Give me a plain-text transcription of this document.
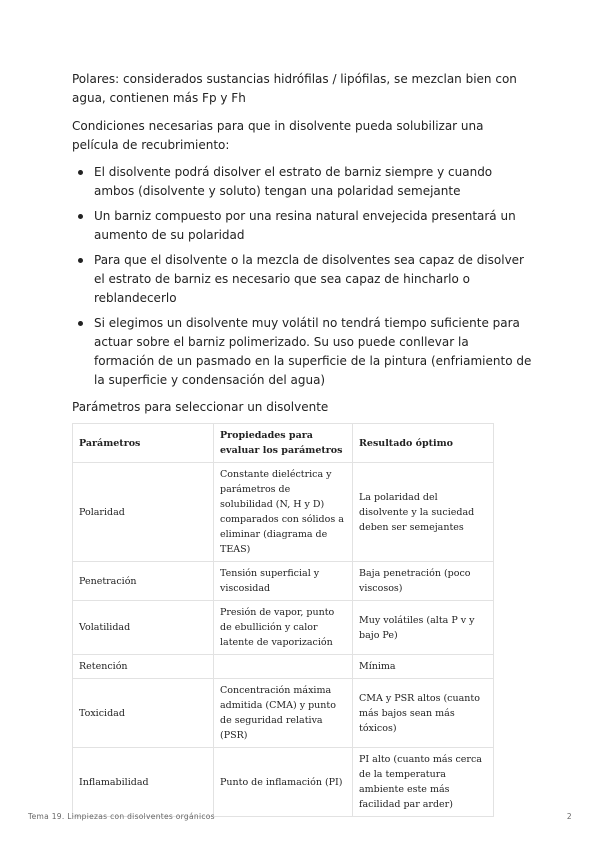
Polares: considerados sustancias hidrófilas / lipófilas, se mezclan bien con agua, contienen más Fp y Fh

Condiciones necesarias para que in disolvente pueda solubilizar una película de recubrimiento:

El disolvente podrá disolver el estrato de barniz siempre y cuando ambos (disolvente y soluto) tengan una polaridad semejante
Un barniz compuesto por una resina natural envejecida presentará un aumento de su polaridad
Para que el disolvente o la mezcla de disolventes sea capaz de disolver el estrato de barniz es necesario que sea capaz de hincharlo o reblandecerlo
Si elegimos un disolvente muy volátil no tendrá tiempo suficiente para actuar sobre el barniz polimerizado. Su uso puede conllevar la formación de un pasmado en la superficie de la pintura (enfriamiento de la superficie y condensación del agua)

Parámetros para seleccionar un disolvente

Parámetros	Propiedades para evaluar los parámetros	Resultado óptimo
Polaridad	Constante dieléctrica y parámetros de solubilidad (N, H y D) comparados con sólidos a eliminar (diagrama de TEAS)	La polaridad del disolvente y la suciedad deben ser semejantes
Penetración	Tensión superficial y viscosidad	Baja penetración (poco viscosos)
Volatilidad	Presión de vapor, punto de ebullición y calor latente de vaporización	Muy volátiles (alta P v y bajo Pe)
Retención		Mínima
Toxicidad	Concentración máxima admitida (CMA) y punto de seguridad relativa (PSR)	CMA y PSR altos (cuanto más bajos sean más tóxicos)
Inflamabilidad	Punto de inflamación (PI)	PI alto (cuanto más cerca de la temperatura ambiente este más facilidad par arder)
Tema 19. Limpiezas con disolventes orgánicos	2
